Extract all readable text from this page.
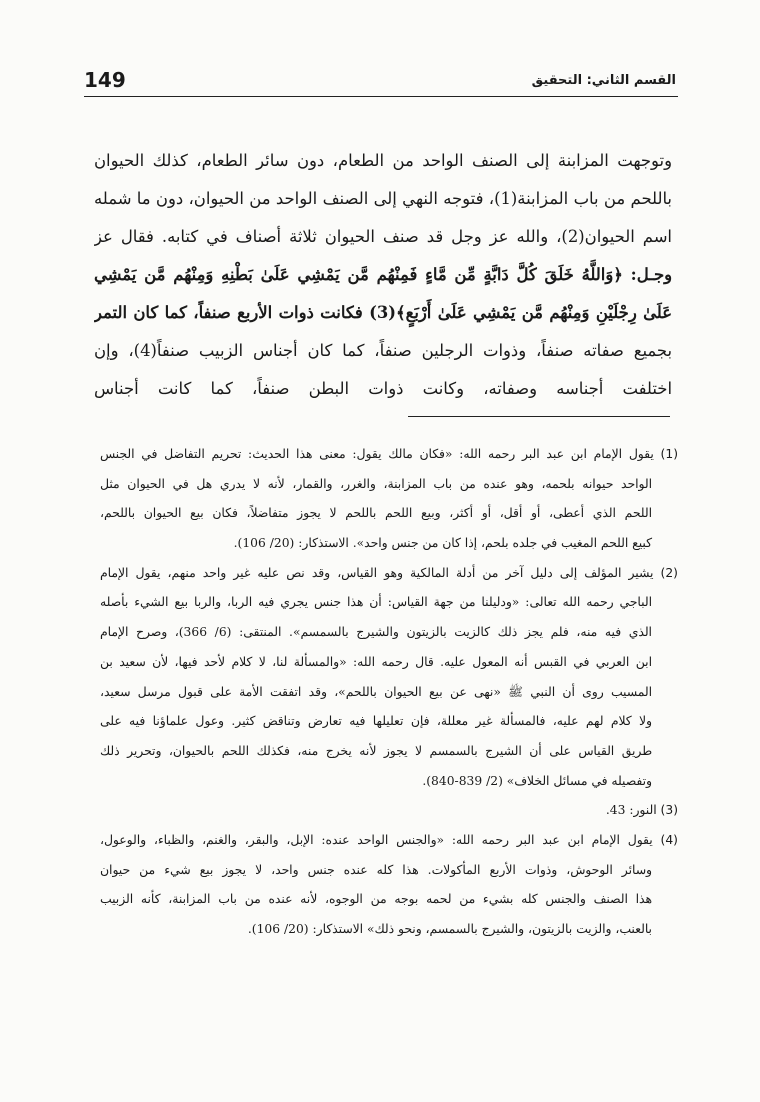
القسم الثاني: التحقيق
149
وتوجهت المزابنة إلى الصنف الواحد من الطعام، دون سائر الطعام، كذلك الحيوان
باللحم من باب المزابنة(1)، فتوجه النهي إلى الصنف الواحد من الحيوان، دون ما شمله
اسم الحيوان(2)، والله عز وجل قد صنف الحيوان ثلاثة أصناف في كتابه. فقال عز
وجـل: ﴿وَاللَّهُ خَلَقَ كُلَّ دَابَّةٍ مِّن مَّاءٍ فَمِنْهُم مَّن يَمْشِي عَلَىٰ بَطْنِهِ وَمِنْهُم مَّن يَمْشِي
عَلَىٰ رِجْلَيْنِ وَمِنْهُم مَّن يَمْشِي عَلَىٰ أَرْبَعٍ﴾(3) فكانت ذوات الأربع صنفاً، كما كان التمر
بجميع صفاته صنفاً، وذوات الرجلين صنفاً، كما كان أجناس الزبيب صنفاً(4)، وإن
اختلفت أجناسه وصفاته، وكانت ذوات البطن صنفاً، كما كانت أجناس
(1) يقول الإمام ابن عبد البر رحمه الله: «فكان مالك يقول: معنى هذا الحديث: تحريم التفاضل في الجنس
الواحد حيوانه بلحمه، وهو عنده من باب المزابنة، والغرر، والقمار، لأنه لا يدري هل في الحيوان مثل
اللحم الذي أعطى، أو أقل، أو أكثر، وبيع اللحم باللحم لا يجوز متفاضلاً، فكان بيع الحيوان باللحم،
كبيع اللحم المغيب في جلده بلحم، إذا كان من جنس واحد». الاستذكار: (20/ 106).
(2) يشير المؤلف إلى دليل آخر من أدلة المالكية وهو القياس، وقد نص عليه غير واحد منهم، يقول الإمام
الباجي رحمه الله تعالى: «ودليلنا من جهة القياس: أن هذا جنس يجري فيه الربا، والربا بيع الشيء بأصله
الذي فيه منه، فلم يجز ذلك كالزيت بالزيتون والشيرج بالسمسم». المنتقى: (6/ 366)، وصرح الإمام
ابن العربي في القبس أنه المعول عليه. قال رحمه الله: «والمسألة لنا، لا كلام لأحد فيها، لأن سعيد بن
المسيب روى أن النبي ﷺ «نهى عن بيع الحيوان باللحم»، وقد اتفقت الأمة على قبول مرسل سعيد،
ولا كلام لهم عليه، فالمسألة غير معللة، فإن تعليلها فيه تعارض وتناقض كثير. وعول علماؤنا فيه على
طريق القياس على أن الشيرج بالسمسم لا يجوز لأنه يخرج منه، فكذلك اللحم بالحيوان، وتحرير ذلك
وتفصيله في مسائل الخلاف» (2/ 839-840).
(3) النور: 43.
(4) يقول الإمام ابن عبد البر رحمه الله: «والجنس الواحد عنده: الإبل، والبقر، والغنم، والظباء، والوعول،
وسائر الوحوش، وذوات الأربع المأكولات. هذا كله عنده جنس واحد، لا يجوز بيع شيء من حيوان
هذا الصنف والجنس كله بشيء من لحمه بوجه من الوجوه، لأنه عنده من باب المزابنة، كأنه الزبيب
بالعنب، والزيت بالزيتون، والشيرج بالسمسم، ونحو ذلك» الاستذكار: (20/ 106).
